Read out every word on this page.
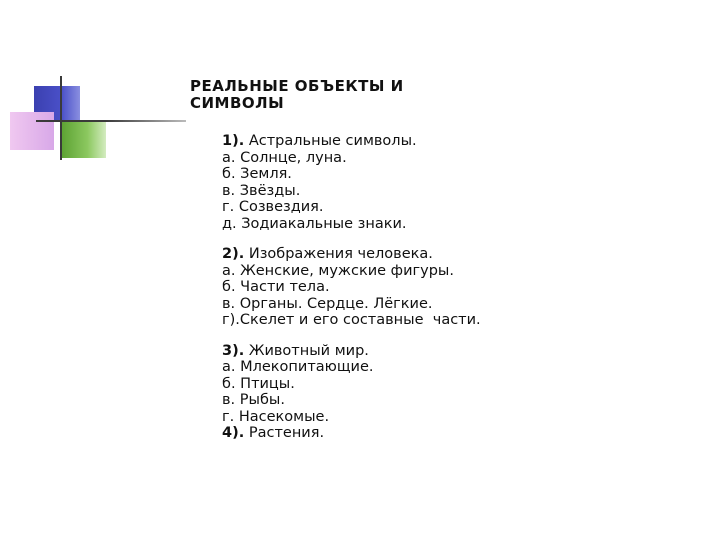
РЕАЛЬНЫЕ ОБЪЕКТЫ И
СИМВОЛЫ
1). Астральные символы.
а. Солнце, луна.
б. Земля.
в. Звёзды.
г. Созвездия.
д. Зодиакальные знаки.
2). Изображения человека.
а. Женские, мужские фигуры.
б. Части тела.
в. Органы. Сердце. Лёгкие.
г).Скелет и его составные  части.
3). Животный мир.
а. Млекопитающие.
б. Птицы.
в. Рыбы.
г. Насекомые.
4). Растения.
